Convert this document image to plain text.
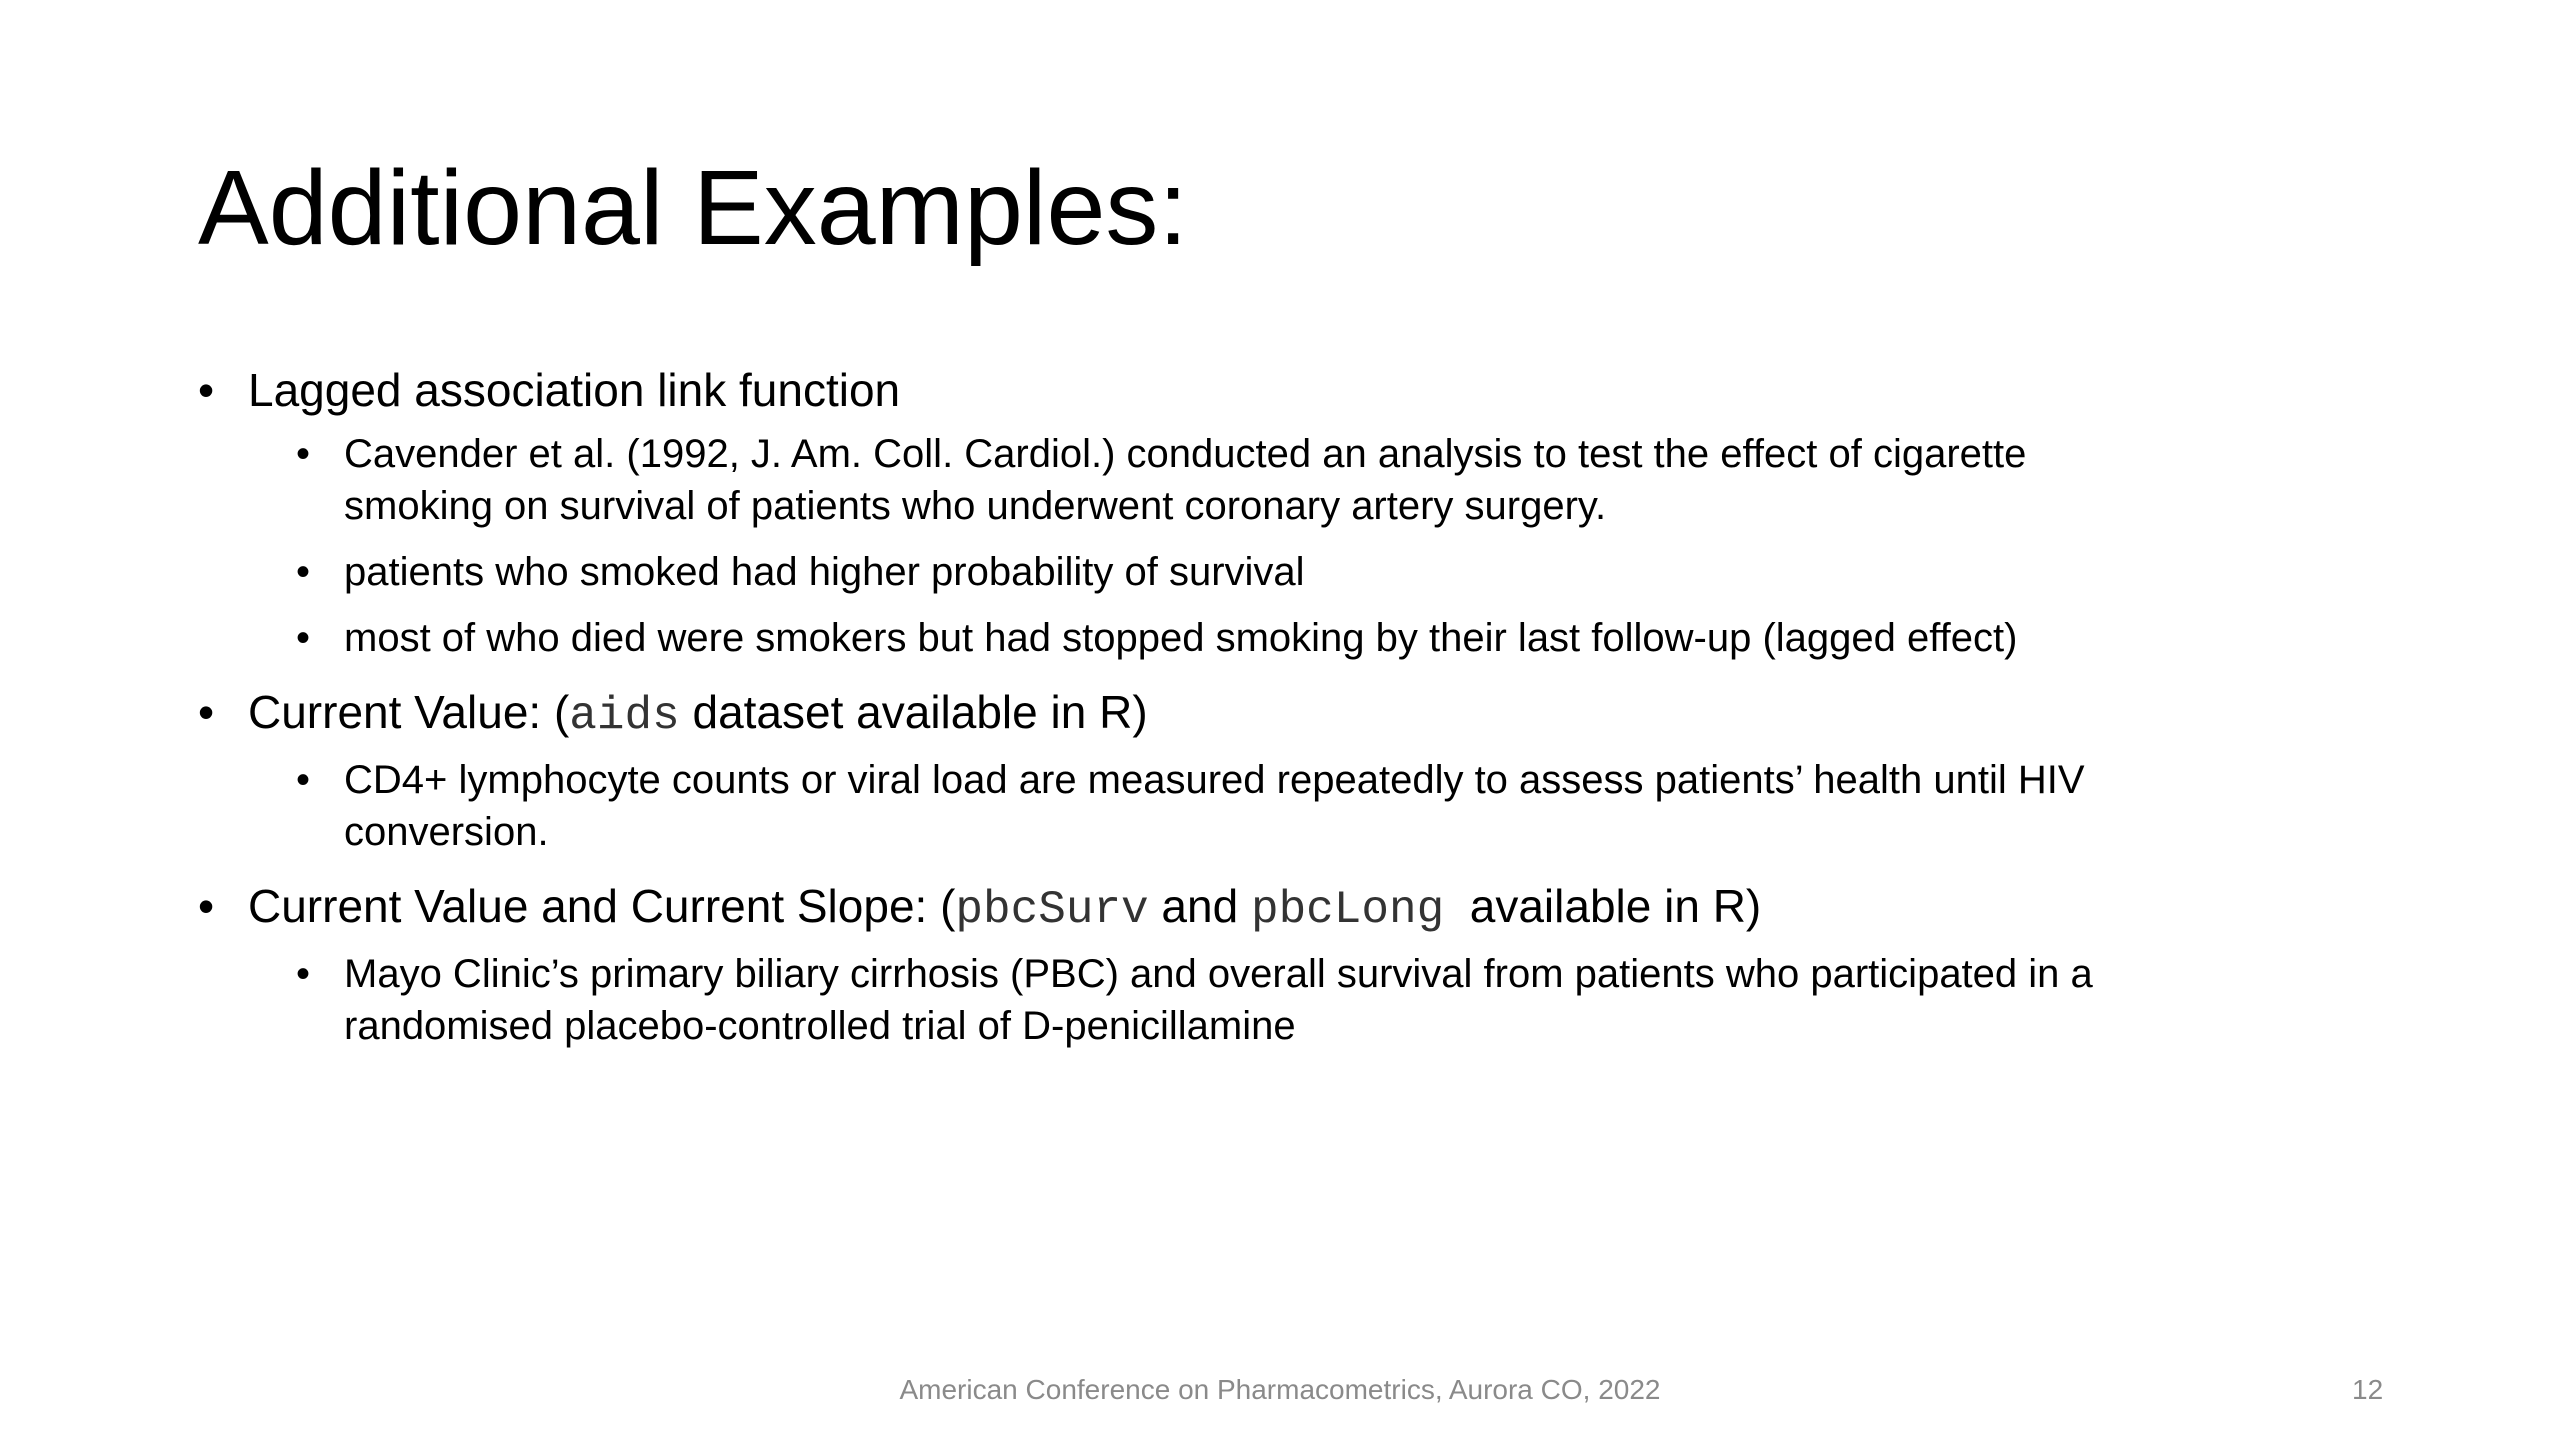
Additional Examples:
• Lagged association link function
• Cavender et al. (1992, J. Am. Coll. Cardiol.) conducted an analysis to test the effect of cigarette smoking on survival of patients who underwent coronary artery surgery.
• patients who smoked had higher probability of survival
• most of who died were smokers but had stopped smoking by their last follow-up (lagged effect)
• Current Value: (aids dataset available in R)
• CD4+ lymphocyte counts or viral load are measured repeatedly to assess patients’ health until HIV conversion.
• Current Value and Current Slope: (pbcSurv and pbcLong  available in R)
• Mayo Clinic’s primary biliary cirrhosis (PBC) and overall survival from patients who participated in a randomised placebo-controlled trial of D-penicillamine
American Conference on Pharmacometrics, Aurora CO, 2022	12
